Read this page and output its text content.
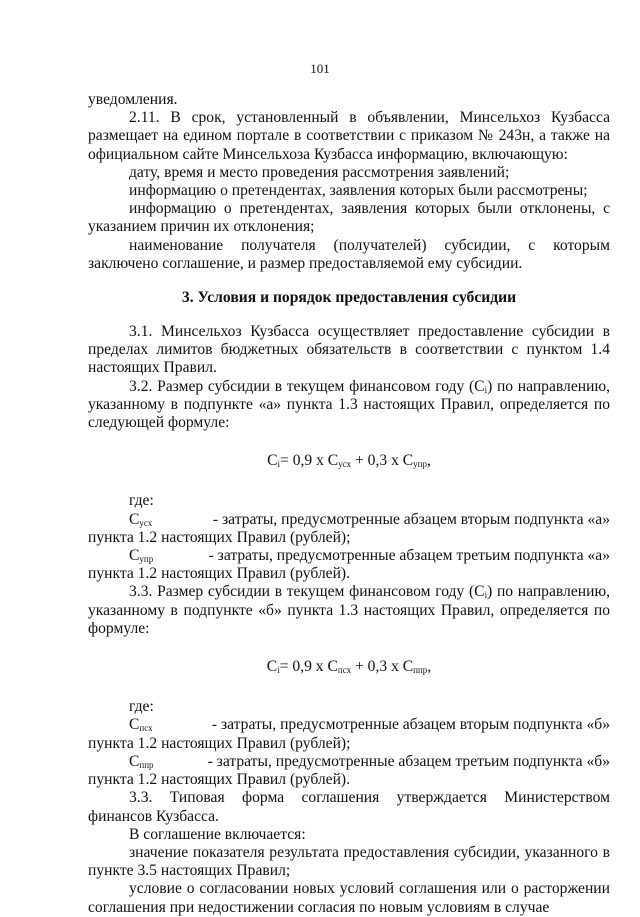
101

уведомления.

2.11. В срок, установленный в объявлении, Минсельхоз Кузбасса размещает на едином портале в соответствии с приказом № 243н, а также на официальном сайте Минсельхоза Кузбасса информацию, включающую:

дату, время и место проведения рассмотрения заявлений;

информацию о претендентах, заявления которых были рассмотрены;

информацию о претендентах, заявления которых были отклонены, с указанием причин их отклонения;

наименование получателя (получателей) субсидии, с которым заключено соглашение, и размер предоставляемой ему субсидии.

3. Условия и порядок предоставления субсидии

3.1. Минсельхоз Кузбасса осуществляет предоставление субсидии в пределах лимитов бюджетных обязательств в соответствии с пунктом 1.4 настоящих Правил.

3.2. Размер субсидии в текущем финансовом году $(С_i)$ по направлению, указанному в подпункте «а» пункта 1.3 настоящих Правил, определяется по следующей формуле:

$С_i= 0,9$ х $С_{усх} + 0,3$ х $С_{упр}$,

где:

$С_{усх}$	- затраты, предусмотренные абзацем вторым подпункта «а»

пункта 1.2 настоящих Правил (рублей);

$С_{упр}$	- затраты, предусмотренные абзацем третьим подпункта «а»

пункта 1.2 настоящих Правил (рублей).

3.3. Размер субсидии в текущем финансовом году $(С_i)$ по направлению, указанному в подпункте «б» пункта 1.3 настоящих Правил, определяется по формуле:

$С_i= 0,9$ х $С_{псх} + 0,3$ х $С_{ппр}$,

где:

$С_{псх}$	- затраты, предусмотренные абзацем вторым подпункта «б»

пункта 1.2 настоящих Правил (рублей);

$С_{ппр}$	- затраты, предусмотренные абзацем третьим подпункта «б»

пункта 1.2 настоящих Правил (рублей).

3.3. Типовая форма соглашения утверждается Министерством финансов Кузбасса.

В соглашение включается:

значение показателя результата предоставления субсидии, указанного в пункте 3.5 настоящих Правил;

условие о согласовании новых условий соглашения или о расторжении соглашения при недостижении согласия по новым условиям в случае
